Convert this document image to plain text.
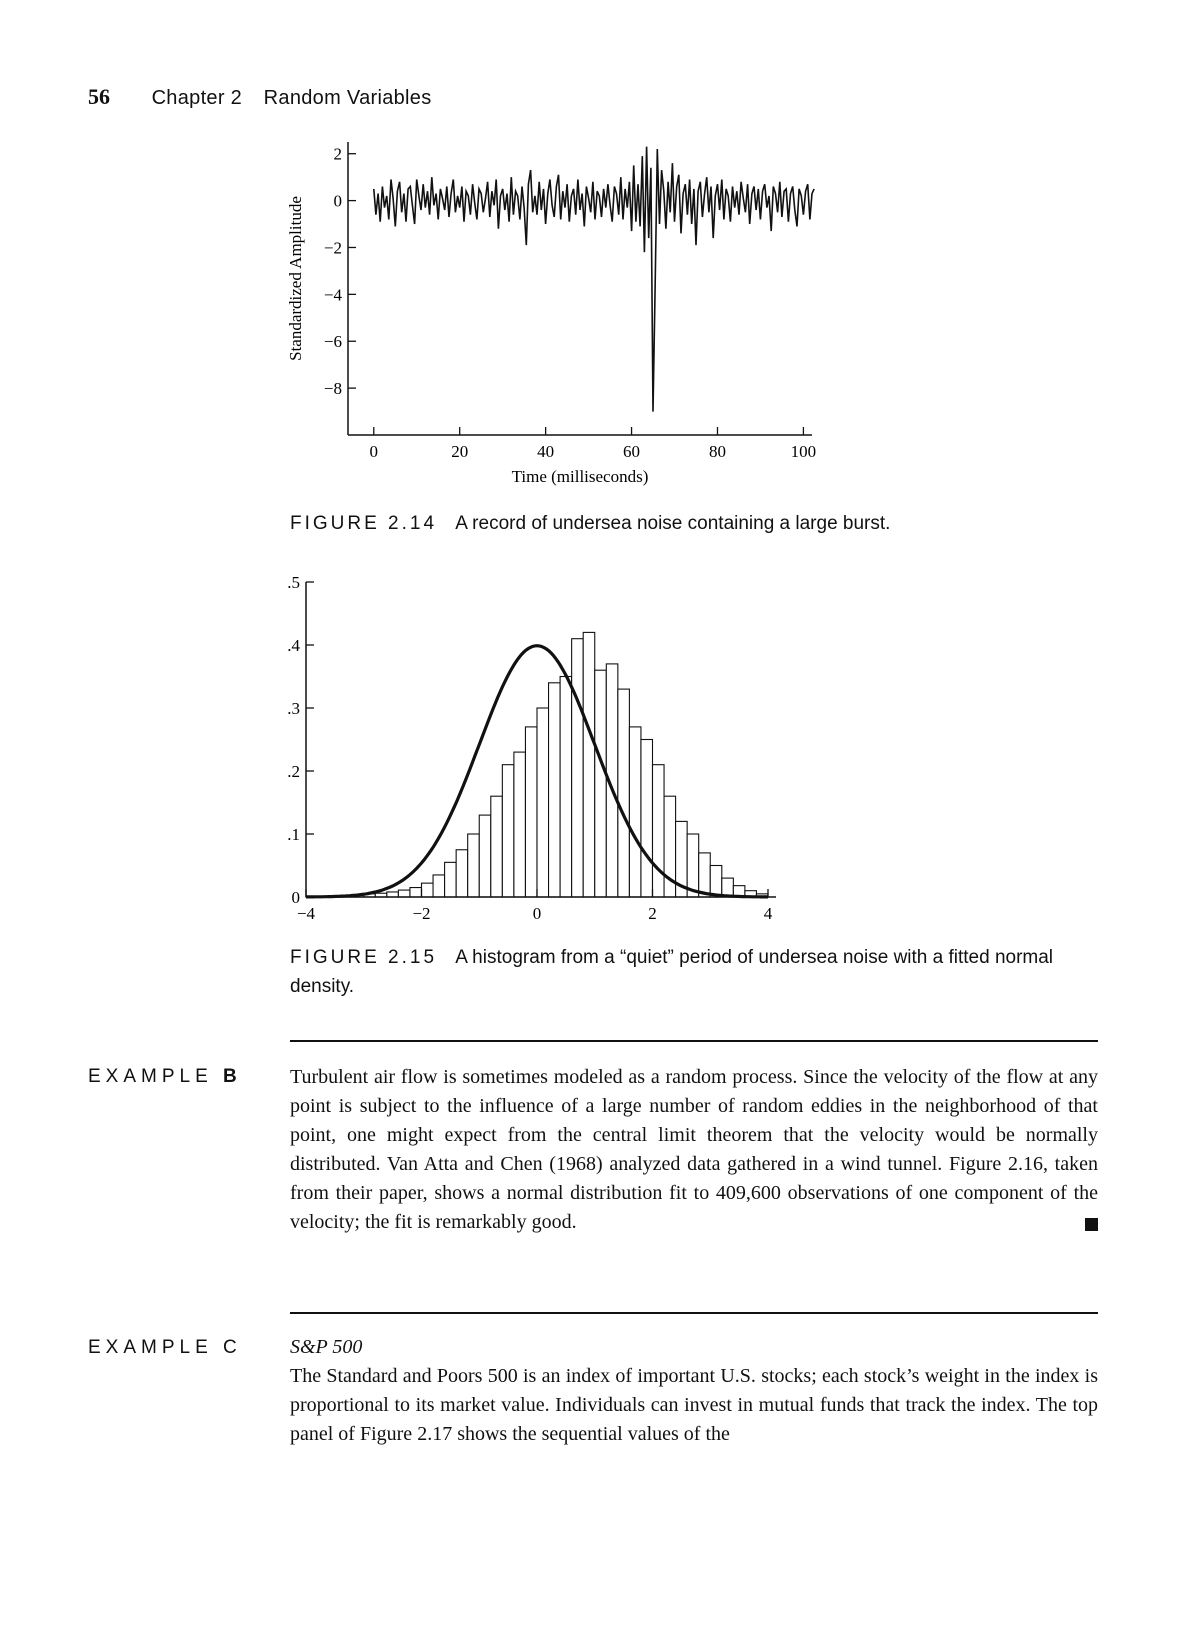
56 Chapter 2 Random Variables
2
0
−2
−4
−6
−8
0	20	40	60	80	100
Time (milliseconds)
Standardized Amplitude
FIGURE 2.14 A record of undersea noise containing a large burst.
0
.1
.2
.3
.4
.5
−4	−2	0	2	4
FIGURE 2.15 A histogram from a “quiet” period of undersea noise with a fitted normal density.
EXAMPLE B	Turbulent air flow is sometimes modeled as a random process. Since the velocity of the flow at any point is subject to the influence of a large number of random eddies in the neighborhood of that point, one might expect from the central limit theorem that the velocity would be normally distributed. Van Atta and Chen (1968) analyzed data gathered in a wind tunnel. Figure 2.16, taken from their paper, shows a normal distribution fit to 409,600 observations of one component of the velocity; the fit is remarkably good.
EXAMPLE C S&P 500
The Standard and Poors 500 is an index of important U.S. stocks; each stock’s weight in the index is proportional to its market value. Individuals can invest in mutual funds that track the index. The top panel of Figure 2.17 shows the sequential values of the
